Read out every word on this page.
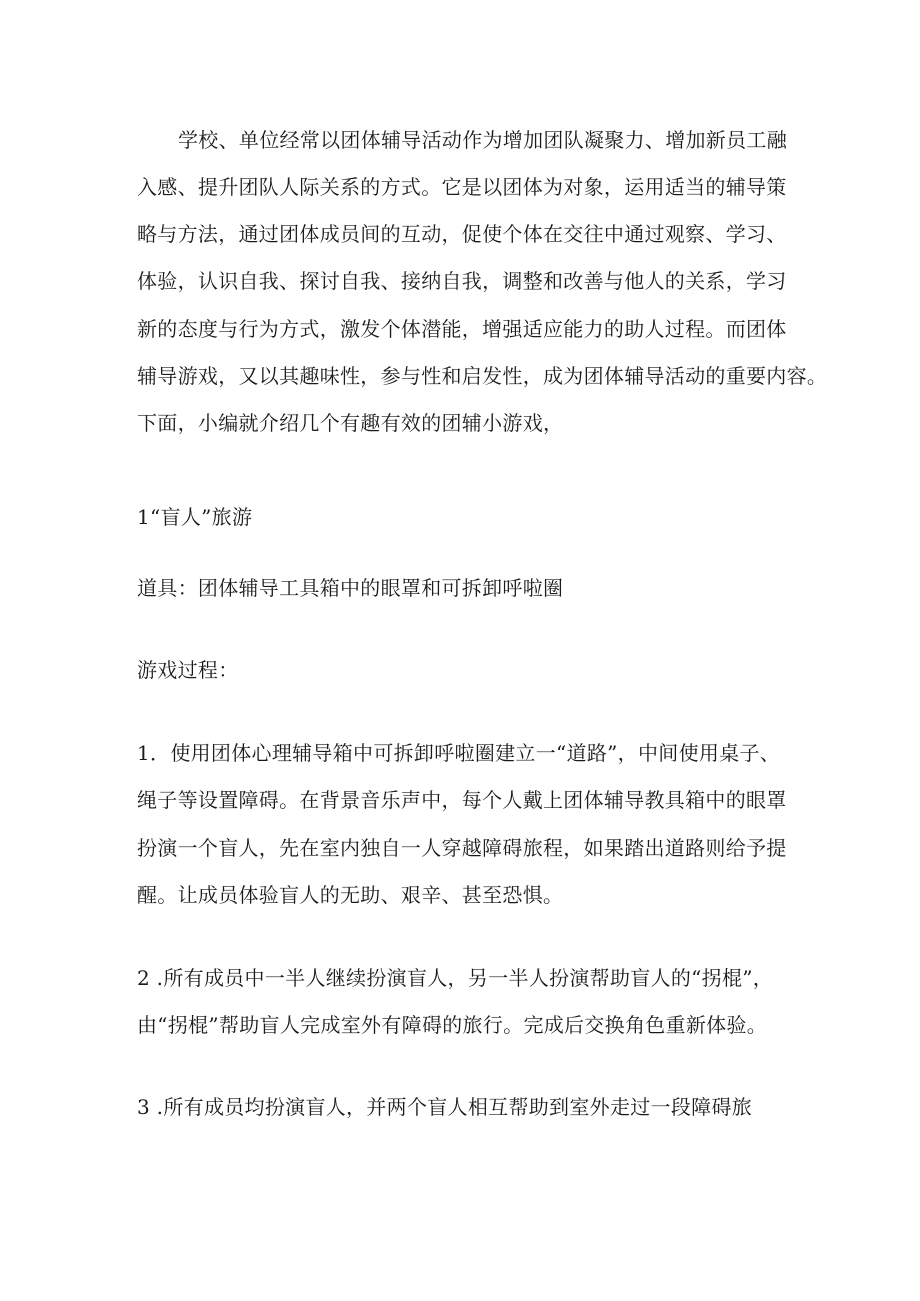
学校、单位经常以团体辅导活动作为增加团队凝聚力、增加新员工融
入感、提升团队人际关系的方式。它是以团体为对象，运用适当的辅导策
略与方法，通过团体成员间的互动，促使个体在交往中通过观察、学习、
体验，认识自我、探讨自我、接纳自我，调整和改善与他人的关系，学习
新的态度与行为方式，激发个体潜能，增强适应能力的助人过程。而团体
辅导游戏，又以其趣味性，参与性和启发性，成为团体辅导活动的重要内容。
下面，小编就介绍几个有趣有效的团辅小游戏，
1“盲人”旅游
道具：团体辅导工具箱中的眼罩和可拆卸呼啦圈
游戏过程：
1．使用团体心理辅导箱中可拆卸呼啦圈建立一“道路”，中间使用桌子、
绳子等设置障碍。在背景音乐声中，每个人戴上团体辅导教具箱中的眼罩
扮演一个盲人，先在室内独自一人穿越障碍旅程，如果踏出道路则给予提
醒。让成员体验盲人的无助、艰辛、甚至恐惧。
2 .所有成员中一半人继续扮演盲人，另一半人扮演帮助盲人的“拐棍”，
由“拐棍”帮助盲人完成室外有障碍的旅行。完成后交换角色重新体验。
3 .所有成员均扮演盲人，并两个盲人相互帮助到室外走过一段障碍旅
